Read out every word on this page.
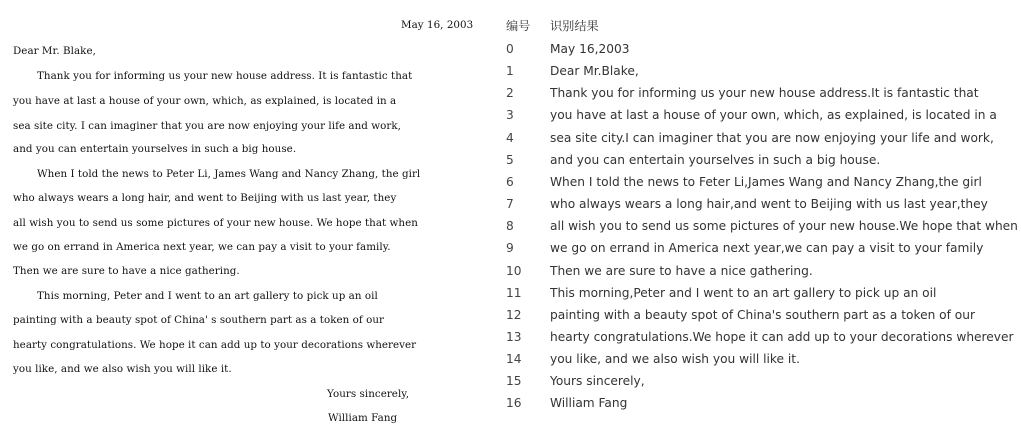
May 16, 2003
Dear Mr. Blake,
Thank you for informing us your new house address. It is fantastic that
you have at last a house of your own, which, as explained, is located in a
sea site city. I can imaginer that you are now enjoying your life and work,
and you can entertain yourselves in such a big house.
When I told the news to Peter Li, James Wang and Nancy Zhang, the girl
who always wears a long hair, and went to Beijing with us last year, they
all wish you to send us some pictures of your new house. We hope that when
we go on errand in America next year, we can pay a visit to your family.
Then we are sure to have a nice gathering.
This morning, Peter and I went to an art gallery to pick up an oil
painting with a beauty spot of China' s southern part as a token of our
hearty congratulations. We hope it can add up to your decorations wherever
you like, and we also wish you will like it.
Yours sincerely,
William Fang
编号	识别结果
0	May 16,2003
1	Dear Mr.Blake,
2	Thank you for informing us your new house address.It is fantastic that
3	you have at last a house of your own, which, as explained, is located in a
4	sea site city.I can imaginer that you are now enjoying your life and work,
5	and you can entertain yourselves in such a big house.
6	When I told the news to Feter Li,James Wang and Nancy Zhang,the girl
7	who always wears a long hair,and went to Beijing with us last year,they
8	all wish you to send us some pictures of your new house.We hope that when
9	we go on errand in America next year,we can pay a visit to your family
10	Then we are sure to have a nice gathering.
11	This morning,Peter and I went to an art gallery to pick up an oil
12	painting with a beauty spot of China's southern part as a token of our
13	hearty congratulations.We hope it can add up to your decorations wherever
14	you like, and we also wish you will like it.
15	Yours sincerely,
16	William Fang
